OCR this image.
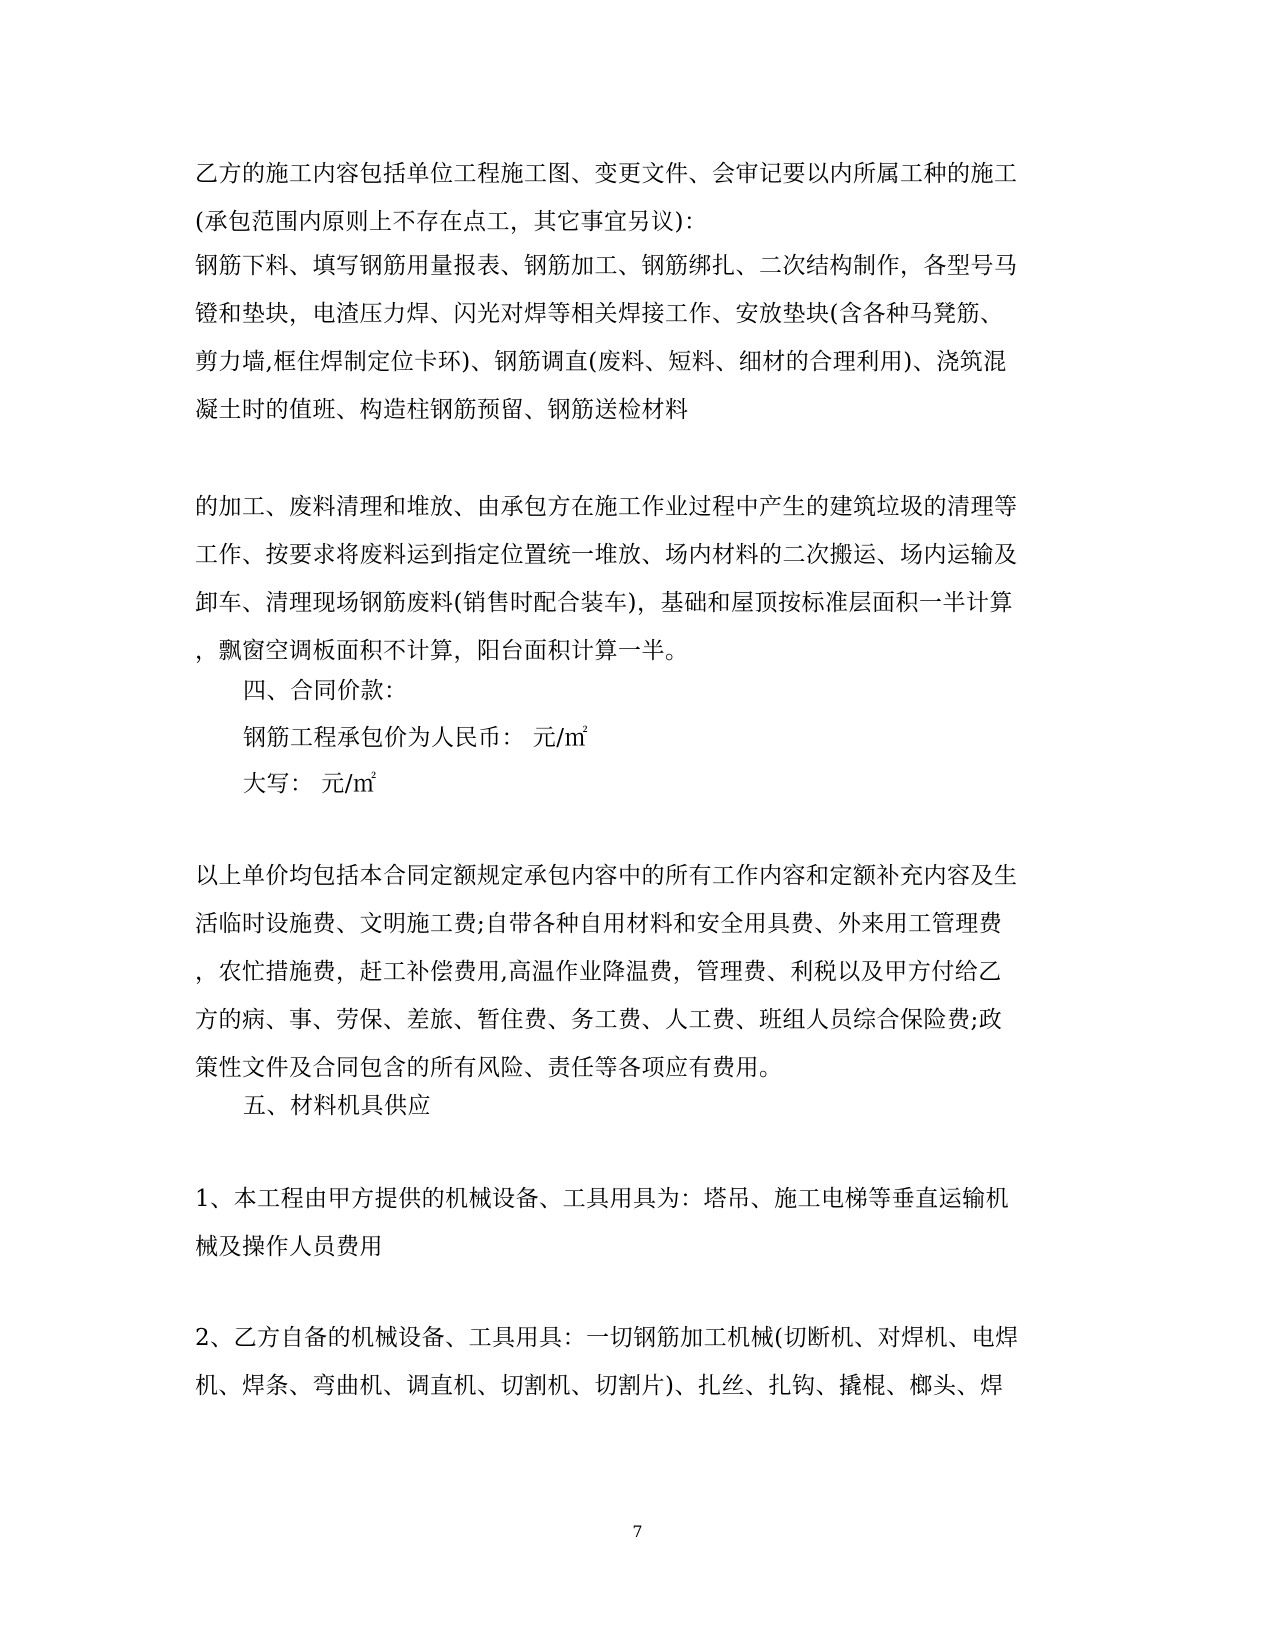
乙方的施工内容包括单位工程施工图、变更文件、会审记要以内所属工种的施工
(承包范围内原则上不存在点工，其它事宜另议)：

钢筋下料、填写钢筋用量报表、钢筋加工、钢筋绑扎、二次结构制作，各型号马
镫和垫块，电渣压力焊、闪光对焊等相关焊接工作、安放垫块(含各种马凳筋、
剪力墙,框住焊制定位卡环)、钢筋调直(废料、短料、细材的合理利用)、浇筑混
凝土时的值班、构造柱钢筋预留、钢筋送检材料

的加工、废料清理和堆放、由承包方在施工作业过程中产生的建筑垃圾的清理等
工作、按要求将废料运到指定位置统一堆放、场内材料的二次搬运、场内运输及
卸车、清理现场钢筋废料(销售时配合装车)，基础和屋顶按标准层面积一半计算
，飘窗空调板面积不计算，阳台面积计算一半。

四、合同价款：

钢筋工程承包价为人民币： 元/㎡

大写： 元/㎡

以上单价均包括本合同定额规定承包内容中的所有工作内容和定额补充内容及生
活临时设施费、文明施工费;自带各种自用材料和安全用具费、外来用工管理费
，农忙措施费，赶工补偿费用,高温作业降温费，管理费、利税以及甲方付给乙
方的病、事、劳保、差旅、暂住费、务工费、人工费、班组人员综合保险费;政
策性文件及合同包含的所有风险、责任等各项应有费用。

五、材料机具供应

1、本工程由甲方提供的机械设备、工具用具为：塔吊、施工电梯等垂直运输机
械及操作人员费用

2、乙方自备的机械设备、工具用具：一切钢筋加工机械(切断机、对焊机、电焊
机、焊条、弯曲机、调直机、切割机、切割片)、扎丝、扎钩、撬棍、榔头、焊

7
